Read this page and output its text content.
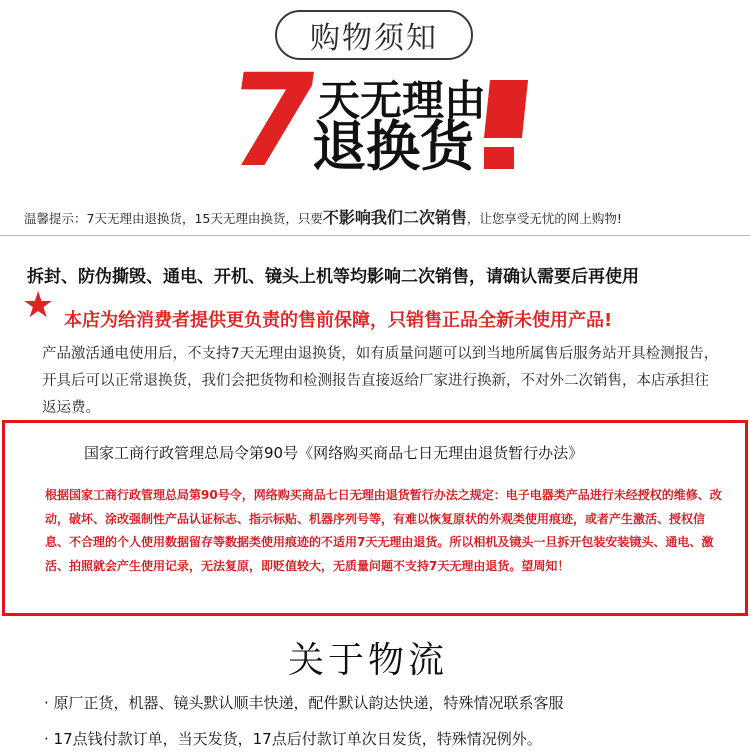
购物须知
7
天无理由
退换货
温馨提示：7天无理由退换货，15天无理由换货，只要不影响我们二次销售，让您享受无忧的网上购物!
拆封、防伪撕毁、通电、开机、镜头上机等均影响二次销售，请确认需要后再使用
★ 本店为给消费者提供更负责的售前保障，只销售正品全新未使用产品!
产品激活通电使用后，不支持7天无理由退换货，如有质量问题可以到当地所属售后服务站开具检测报告，开具后可以正常退换货，我们会把货物和检测报告直接返给厂家进行换新，不对外二次销售，本店承担往返运费。
国家工商行政管理总局令第90号《网络购买商品七日无理由退货暂行办法》
根据国家工商行政管理总局第90号令，网络购买商品七日无理由退货暂行办法之规定：电子电器类产品进行未经授权的维修、改动，破坏、涂改强制性产品认证标志、指示标贴、机器序列号等，有难以恢复原状的外观类使用痕迹，或者产生激活、授权信息、不合理的个人使用数据留存等数据类使用痕迹的不适用7天无理由退货。所以相机及镜头一旦拆开包装安装镜头、通电、激活、拍照就会产生使用记录，无法复原，即贬值较大，无质量问题不支持7天无理由退货。望周知！
关于物流
· 原厂正货，机器、镜头默认顺丰快递，配件默认韵达快递，特殊情况联系客服
· 17点钱付款订单，当天发货，17点后付款订单次日发货，特殊情况例外。
